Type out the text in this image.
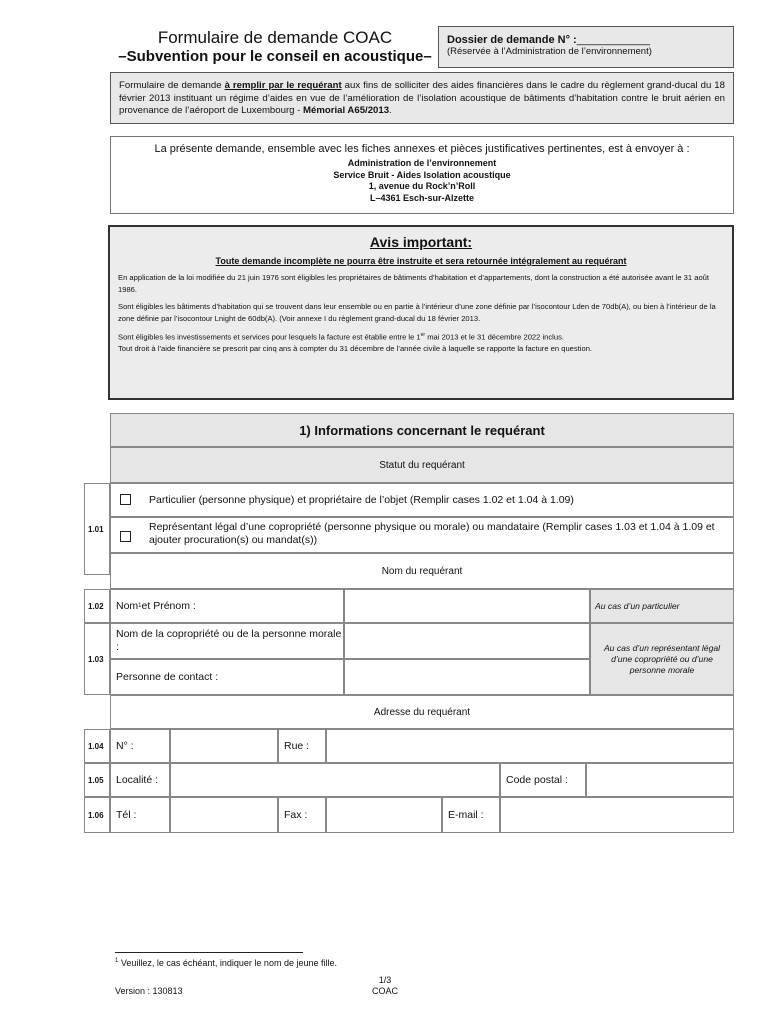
Formulaire de demande COAC
–Subvention pour le conseil en acoustique–
Dossier de demande N° :____________
(Réservée à l’Administration de l’environnement)
Formulaire de demande à remplir par le requérant aux fins de solliciter des aides financières dans le cadre du règlement grand-ducal du 18 février 2013 instituant un régime d’aides en vue de l’amélioration de l’isolation acoustique de bâtiments d’habitation contre le bruit aérien en provenance de l’aéroport de Luxembourg - Mémorial A65/2013.
La présente demande, ensemble avec les fiches annexes et pièces justificatives pertinentes, est à envoyer à :
Administration de l’environnement
Service Bruit - Aides Isolation acoustique
1, avenue du Rock’n’Roll
L–4361 Esch-sur-Alzette
Avis important:
Toute demande incomplète ne pourra être instruite et sera retournée intégralement au requérant

En application de la loi modifiée du 21 juin 1976 sont éligibles les propriétaires de bâtiments d’habitation et d’appartements, dont la construction a été autorisée avant le 31 août 1986.

Sont éligibles les bâtiments d’habitation qui se trouvent dans leur ensemble ou en partie à l’intérieur d’une zone définie par l’isocontour Lden de 70db(A), ou bien à l’intérieur de la zone définie par l’isocontour Lnight de 60db(A). (Voir annexe I du règlement grand-ducal du 18 février 2013.

Sont éligibles les investissements et services pour lesquels la facture est établie entre le 1er mai 2013 et le 31 décembre 2022 inclus.

Tout droit à l’aide financière se prescrit par cinq ans à compter du 31 décembre de l’année civile à laquelle se rapporte la facture en question.

1) Informations concernant le requérant
Statut du requérant
1.01
Particulier (personne physique) et propriétaire de l’objet (Remplir cases 1.02 et 1.04 à 1.09)
Représentant légal d’une copropriété (personne physique ou morale) ou mandataire (Remplir cases 1.03 et 1.04 à 1.09 et ajouter procuration(s) ou mandat(s))
Nom du requérant
1.02	Nom 1 et Prénom :	Au cas d’un particulier
1.03
Nom de la copropriété ou de la personne morale :
Personne de contact :
Au cas d’un représentant légal d’une copropriété ou d’une personne morale
Adresse du requérant
1.04	N° :	Rue :
1.05	Localité :	Code postal :
1.06	Tél :	Fax :	E-mail :
$^1$ Veuillez, le cas échéant, indiquer le nom de jeune fille.
Version : 130813
1/3
COAC
